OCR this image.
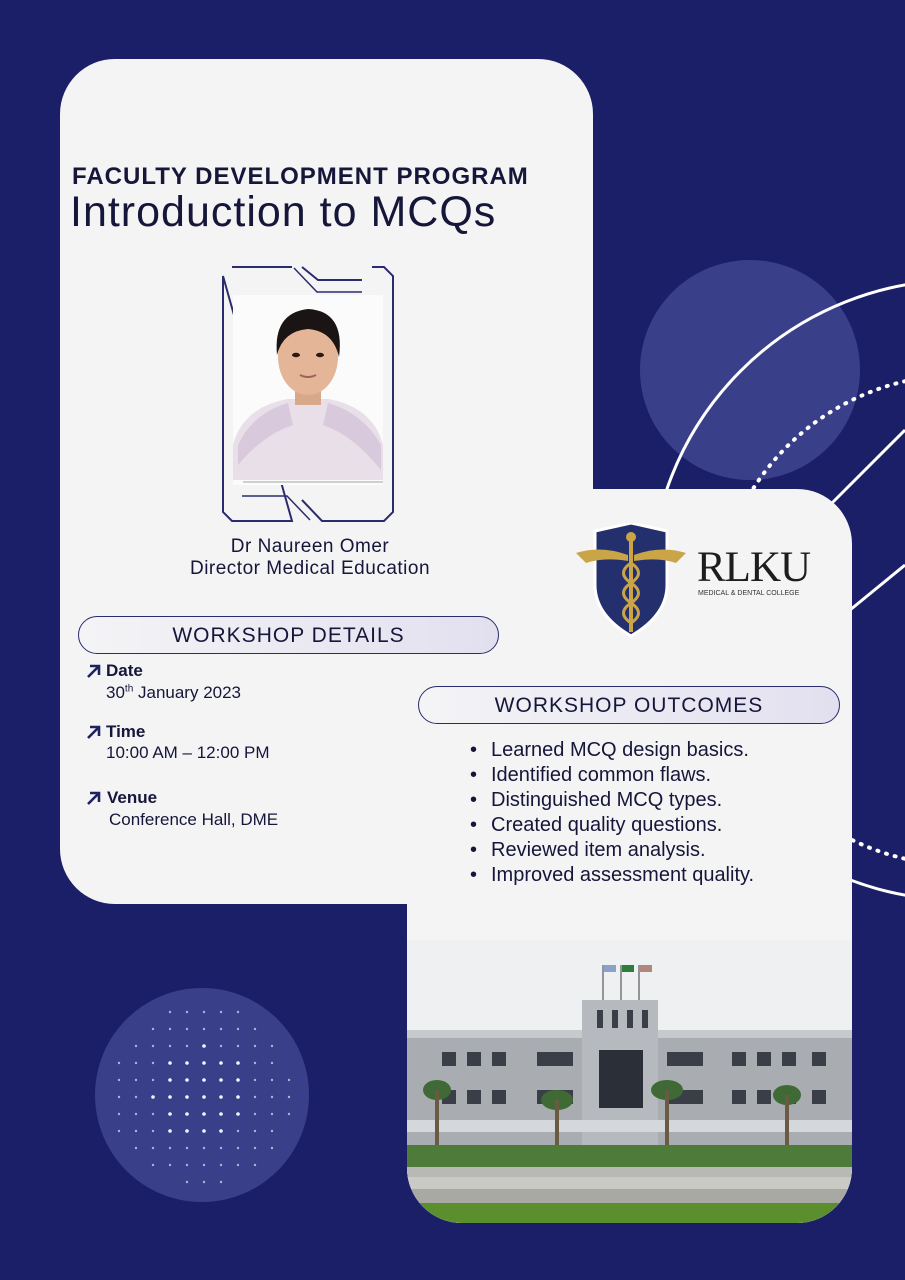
FACULTY DEVELOPMENT PROGRAM
Introduction to MCQs
Dr Naureen Omer
Director Medical Education
WORKSHOP DETAILS
Date
30th January 2023
Time
10:00 AM – 12:00 PM
Venue
Conference Hall, DME
RLKU
MEDICAL & DENTAL COLLEGE
WORKSHOP OUTCOMES
• Learned MCQ design basics.
• Identified common flaws.
• Distinguished MCQ types.
• Created quality questions.
• Reviewed item analysis.
• Improved assessment quality.
